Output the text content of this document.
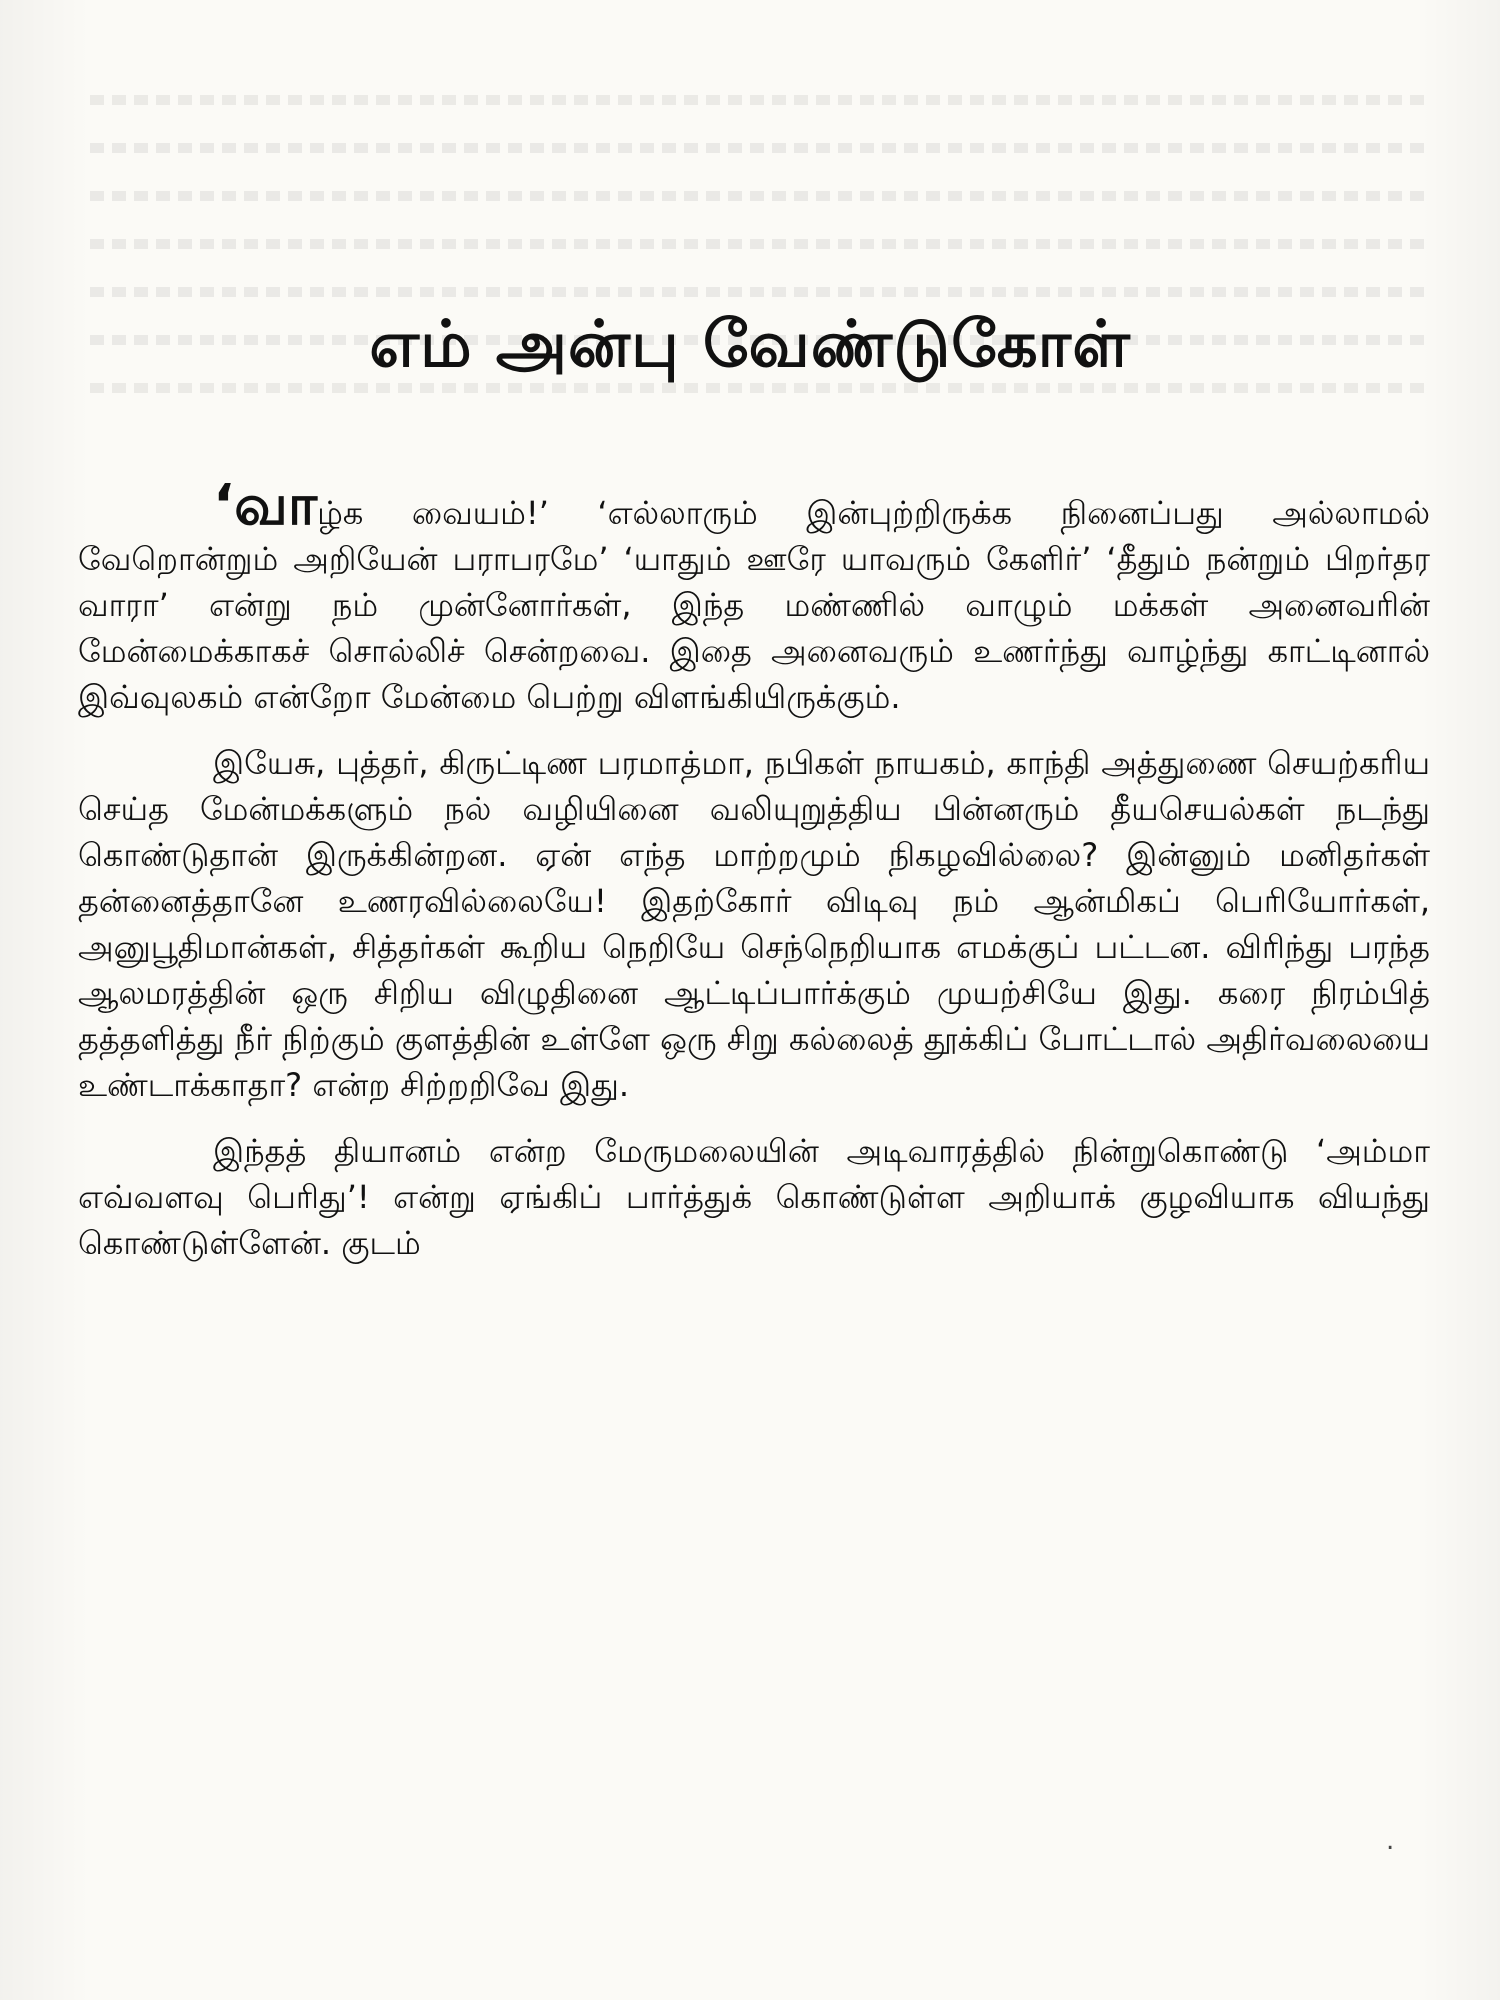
எம் அன்பு வேண்டுகோள்

‘வாழ்க வையம்!’ ‘எல்லாரும் இன்புற்றிருக்க நினைப்பது அல்லாமல் வேறொன்றும் அறியேன் பராபரமே’ ‘யாதும் ஊரே யாவரும் கேளிர்’ ‘தீதும் நன்றும் பிறர்தர வாரா’ என்று நம் முன்னோர்கள், இந்த மண்ணில் வாழும் மக்கள் அனைவரின் மேன்மைக்காகச் சொல்லிச் சென்றவை. இதை அனைவரும் உணர்ந்து வாழ்ந்து காட்டினால் இவ்வுலகம் என்றோ மேன்மை பெற்று விளங்கியிருக்கும்.

இயேசு, புத்தர், கிருட்டிண பரமாத்மா, நபிகள் நாயகம், காந்தி அத்துணை செயற்கரிய செய்த மேன்மக்களும் நல் வழியினை வலியுறுத்திய பின்னரும் தீயசெயல்கள் நடந்து கொண்டுதான் இருக்கின்றன. ஏன் எந்த மாற்றமும் நிகழவில்லை? இன்னும் மனிதர்கள் தன்னைத்தானே உணரவில்லையே! இதற்கோர் விடிவு நம் ஆன்மிகப் பெரியோர்கள், அனுபூதிமான்கள், சித்தர்கள் கூறிய நெறியே செந்நெறியாக எமக்குப் பட்டன. விரிந்து பரந்த ஆலமரத்தின் ஒரு சிறிய விழுதினை ஆட்டிப்பார்க்கும் முயற்சியே இது. கரை நிரம்பித் தத்தளித்து நீர் நிற்கும் குளத்தின் உள்ளே ஒரு சிறு கல்லைத் தூக்கிப் போட்டால் அதிர்வலையை உண்டாக்காதா? என்ற சிற்றறிவே இது.

இந்தத் தியானம் என்ற மேருமலையின் அடிவாரத்தில் நின்றுகொண்டு ‘அம்மா எவ்வளவு பெரிது’! என்று ஏங்கிப் பார்த்துக் கொண்டுள்ள அறியாக் குழவியாக வியந்து கொண்டுள்ளேன். குடம்

.
